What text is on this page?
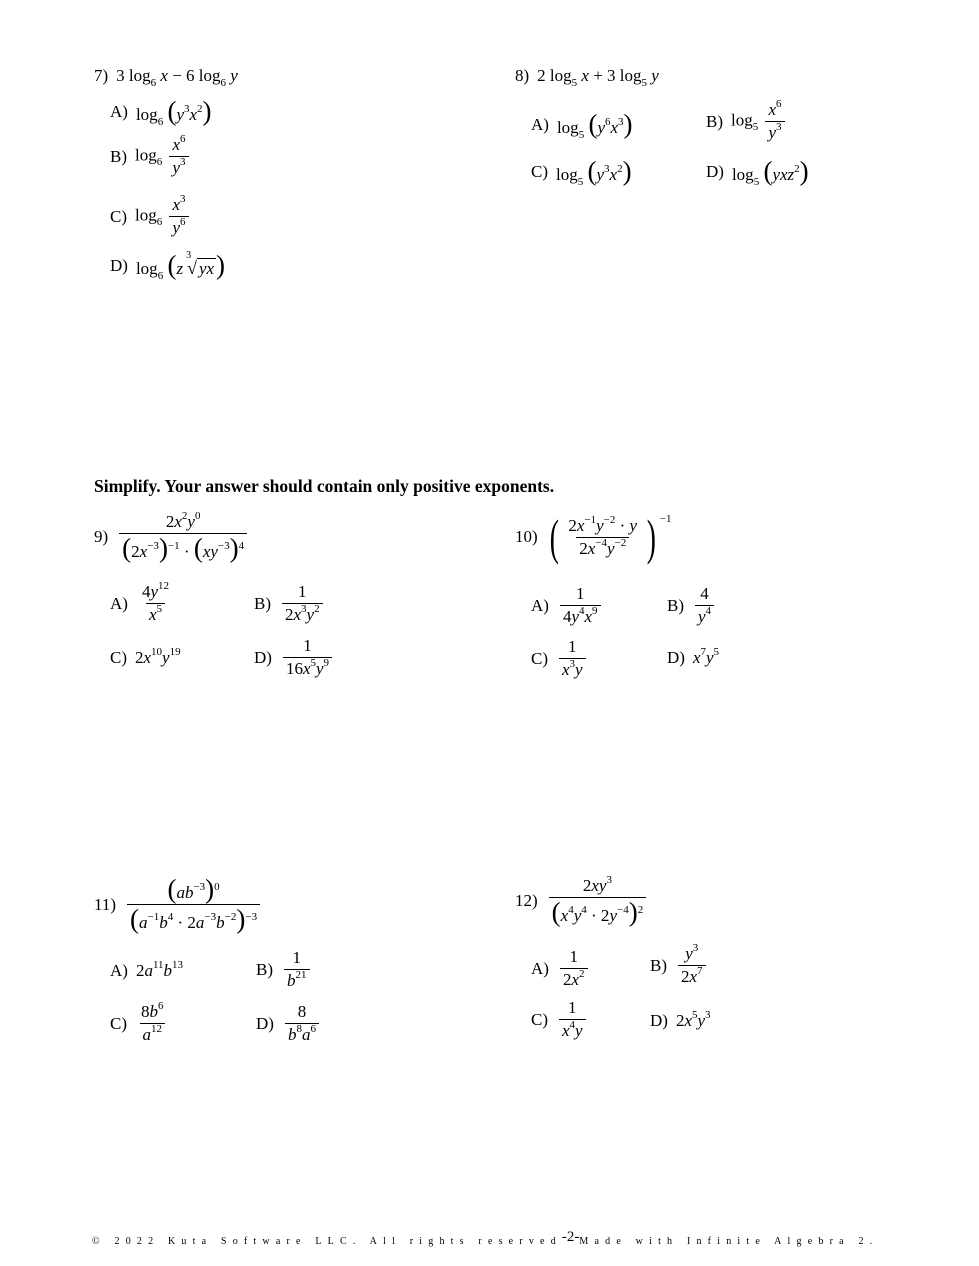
7) 3 $\log_6 x - 6$ $\log_6 y$
A) $\log_6 (y^3x^2)$
B) $\log_6 \frac{x^6}{y^3}$
C) $\log_6 \frac{x^3}{y^6}$
D) $\log_6 (z$
3
√ yx)
8) 2 $\log_5 x + 3$ $\log_5 y$
A) $\log_5 (y^6x^3)$	B) $\log_5 \frac{x^6}{y^3}$
C) $\log_5 (y^3x^2)$	D) $\log_5 (yxz^2)$
Simplify. Your answer should contain only positive exponents.
$9) \frac{2x^2y^0}{(2x^{-3})^{-1} \cdot (xy^{-3})^4}$
$A) \frac{4y^{12}}{x^5}$	$B) \frac{1}{2x^3y^2}$
C) $2x^{10}y^{19}$	$D) \frac{1}{16x^5y^9}$
10) ( $\frac{2x^{-1}y^{-2} \cdot y}{2x^{-4}y^{-2}}$ ) −1
$A) \frac{1}{4y^4x^9}$	$B) \frac{4}{y^4}$
$C) \frac{1}{x^3y}$	D) $x^7y^5$
$11) \frac{(ab^{-3})^0}{(a^{-1}b^4 \cdot 2a^{-3}b^{-2})^{-3}}$
A) $2a^{11}b^{13}$	$B) \frac{1}{b^{21}}$
$C) \frac{8b^6}{a^{12}}$	$D) \frac{8}{b^8a^6}$
$12) \frac{2xy^3}{(x^4y^4 \cdot 2y^{-4})^2}$
$A) \frac{1}{2x^2}$	$B) \frac{y^3}{2x^7}$
$C) \frac{1}{x^4y}$	D) $2x^5y^3$
© 2022 Kuta Software LLC. All rights reserved-2-Made with Infinite Algebra 2.
